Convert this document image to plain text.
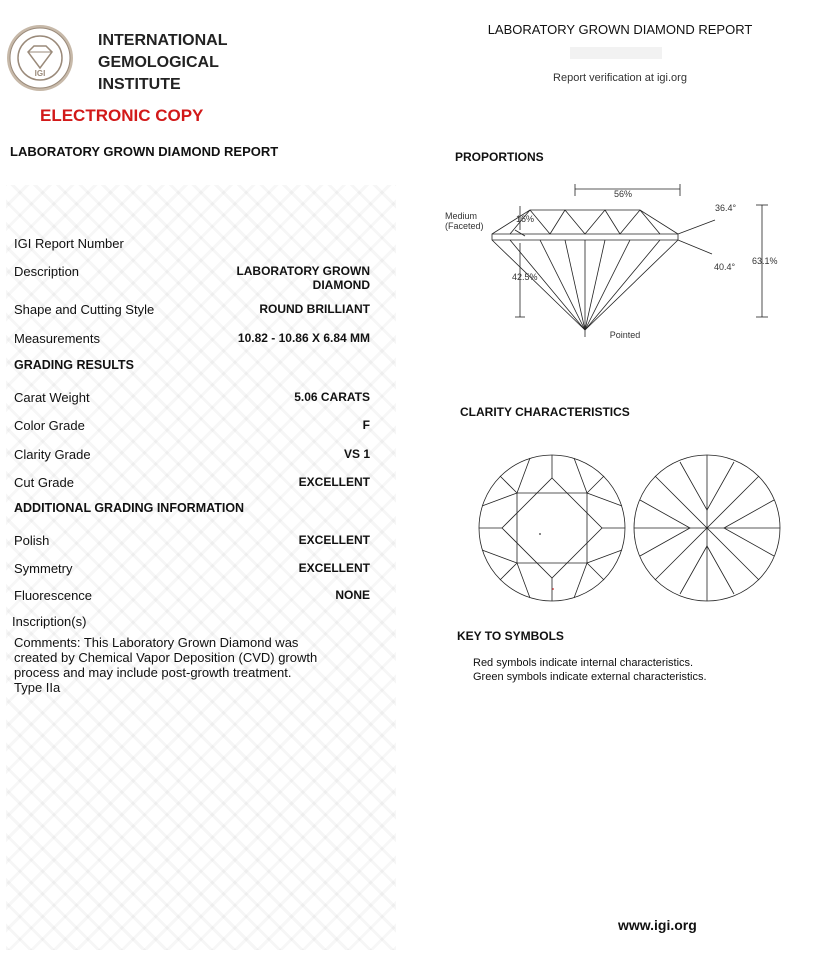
IGI
INTERNATIONAL
GEMOLOGICAL
INSTITUTE
ELECTRONIC COPY
LABORATORY GROWN DIAMOND REPORT
LABORATORY GROWN DIAMOND REPORT
Report verification at igi.org
IGI Report Number
Description	LABORATORY GROWN
DIAMOND
Shape and Cutting Style	ROUND BRILLIANT
Measurements	10.82 - 10.86 X 6.84 MM
GRADING RESULTS
Carat Weight	5.06 CARATS
Color Grade	F
Clarity Grade	VS 1
Cut Grade	EXCELLENT
ADDITIONAL GRADING INFORMATION
Polish	EXCELLENT
Symmetry	EXCELLENT
Fluorescence	NONE
Inscription(s)
Comments: This Laboratory Grown Diamond was
created by Chemical Vapor Deposition (CVD) growth
process and may include post-growth treatment.
Type IIa
PROPORTIONS
56%
36.4°
40.4°
63.1%
16%
42.5%
Medium
(Faceted)
Pointed
CLARITY CHARACTERISTICS
KEY TO SYMBOLS
Red symbols indicate internal characteristics.
Green symbols indicate external characteristics.
www.igi.org
